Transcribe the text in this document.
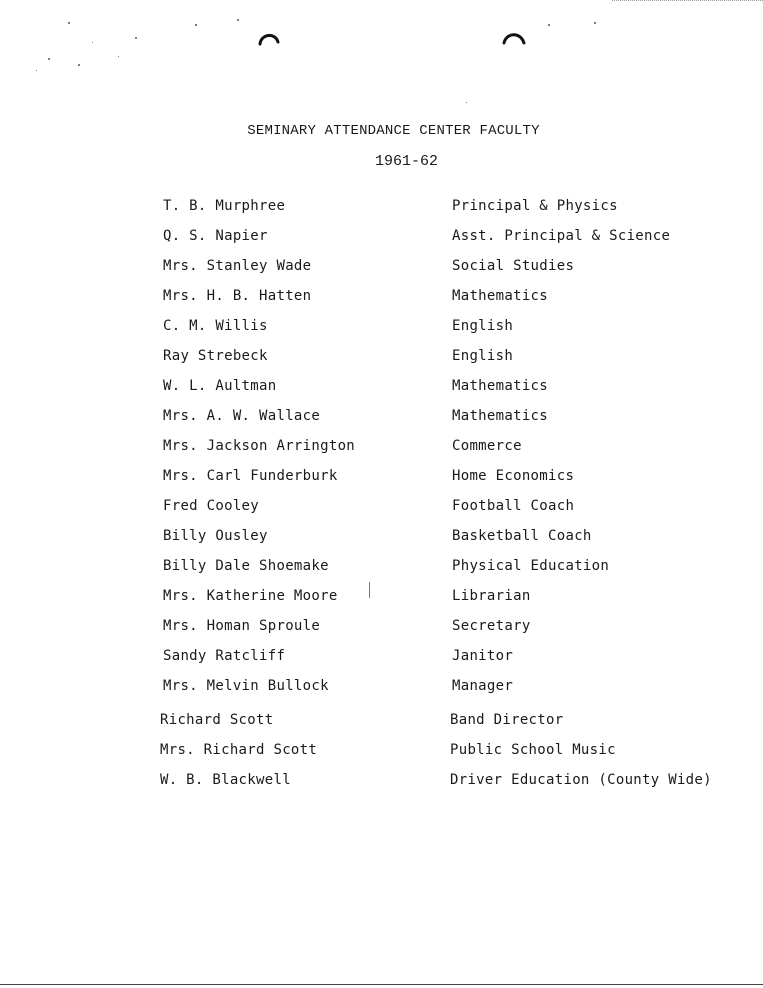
SEMINARY ATTENDANCE CENTER FACULTY
1961-62
T. B. Murphree	Principal & Physics
Q. S. Napier	Asst. Principal & Science
Mrs. Stanley Wade	Social Studies
Mrs. H. B. Hatten	Mathematics
C. M. Willis	English
Ray Strebeck	English
W. L. Aultman	Mathematics
Mrs. A. W. Wallace	Mathematics
Mrs. Jackson Arrington	Commerce
Mrs. Carl Funderburk	Home Economics
Fred Cooley	Football Coach
Billy Ousley	Basketball Coach
Billy Dale Shoemake	Physical Education
Mrs. Katherine Moore	Librarian
Mrs. Homan Sproule	Secretary
Sandy Ratcliff	Janitor
Mrs. Melvin Bullock	Manager
Richard Scott	Band Director
Mrs. Richard Scott	Public School Music
W. B. Blackwell	Driver Education (County Wide)
